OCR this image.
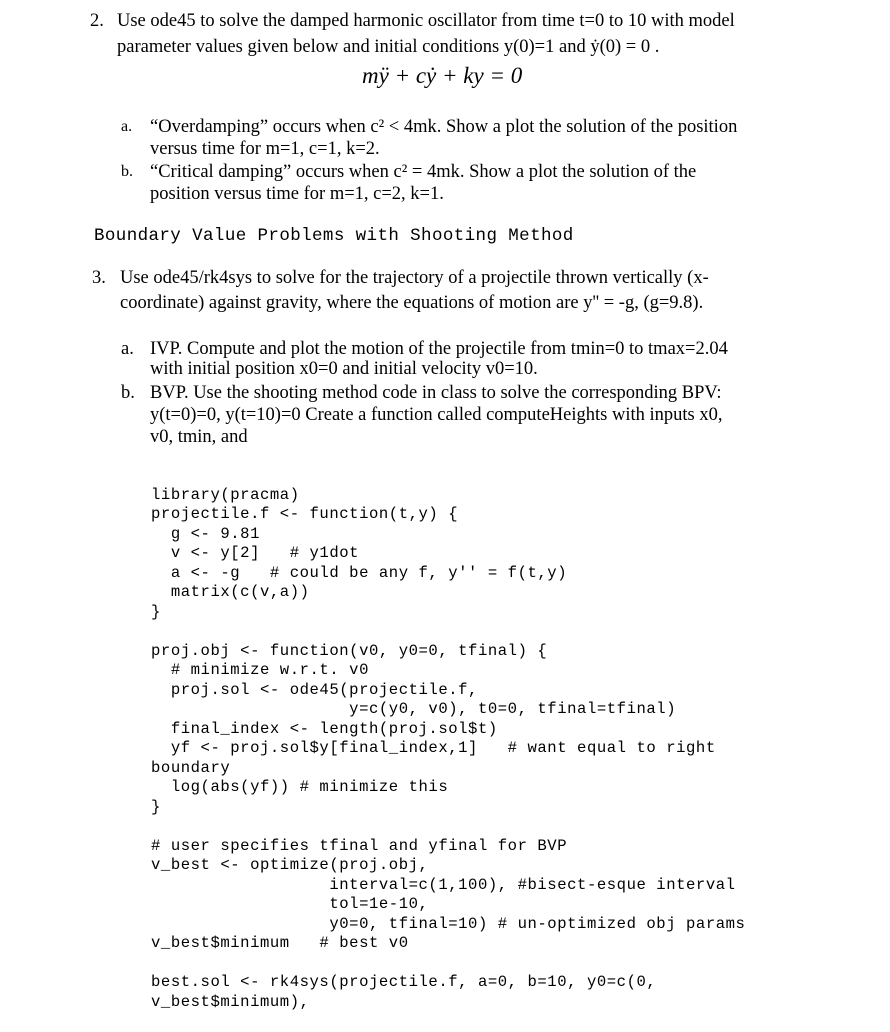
2. Use ode45 to solve the damped harmonic oscillator from time t=0 to 10 with model
parameter values given below and initial conditions y(0)=1 and ẏ(0) = 0 .
mÿ + cẏ + ky = 0
a. “Overdamping” occurs when c² < 4mk. Show a plot the solution of the position
versus time for m=1, c=1, k=2.
b. “Critical damping” occurs when c² = 4mk. Show a plot the solution of the
position versus time for m=1, c=2, k=1.
Boundary Value Problems with Shooting Method
3. Use ode45/rk4sys to solve for the trajectory of a projectile thrown vertically (x-
coordinate) against gravity, where the equations of motion are y'' = -g, (g=9.8).
a. IVP. Compute and plot the motion of the projectile from tmin=0 to tmax=2.04
with initial position x0=0 and initial velocity v0=10.
b. BVP. Use the shooting method code in class to solve the corresponding BPV:
y(t=0)=0, y(t=10)=0 Create a function called computeHeights with inputs x0,
v0, tmin, and

library(pracma)
projectile.f <- function(t,y) {
g <- 9.81
v <- y[2]   # y1dot
a <- -g   # could be any f, y'' = f(t,y)
matrix(c(v,a))
}
proj.obj <- function(v0, y0=0, tfinal) {
# minimize w.r.t. v0
proj.sol <- ode45(projectile.f,
y=c(y0, v0), t0=0, tfinal=tfinal)
final_index <- length(proj.sol$t)
yf <- proj.sol$y[final_index,1]   # want equal to right
boundary
log(abs(yf)) # minimize this
}
# user specifies tfinal and yfinal for BVP
v_best <- optimize(proj.obj,
interval=c(1,100), #bisect-esque interval
tol=1e-10,
y0=0, tfinal=10) # un-optimized obj params
v_best$minimum   # best v0
best.sol <- rk4sys(projectile.f, a=0, b=10, y0=c(0,
v_best$minimum),
